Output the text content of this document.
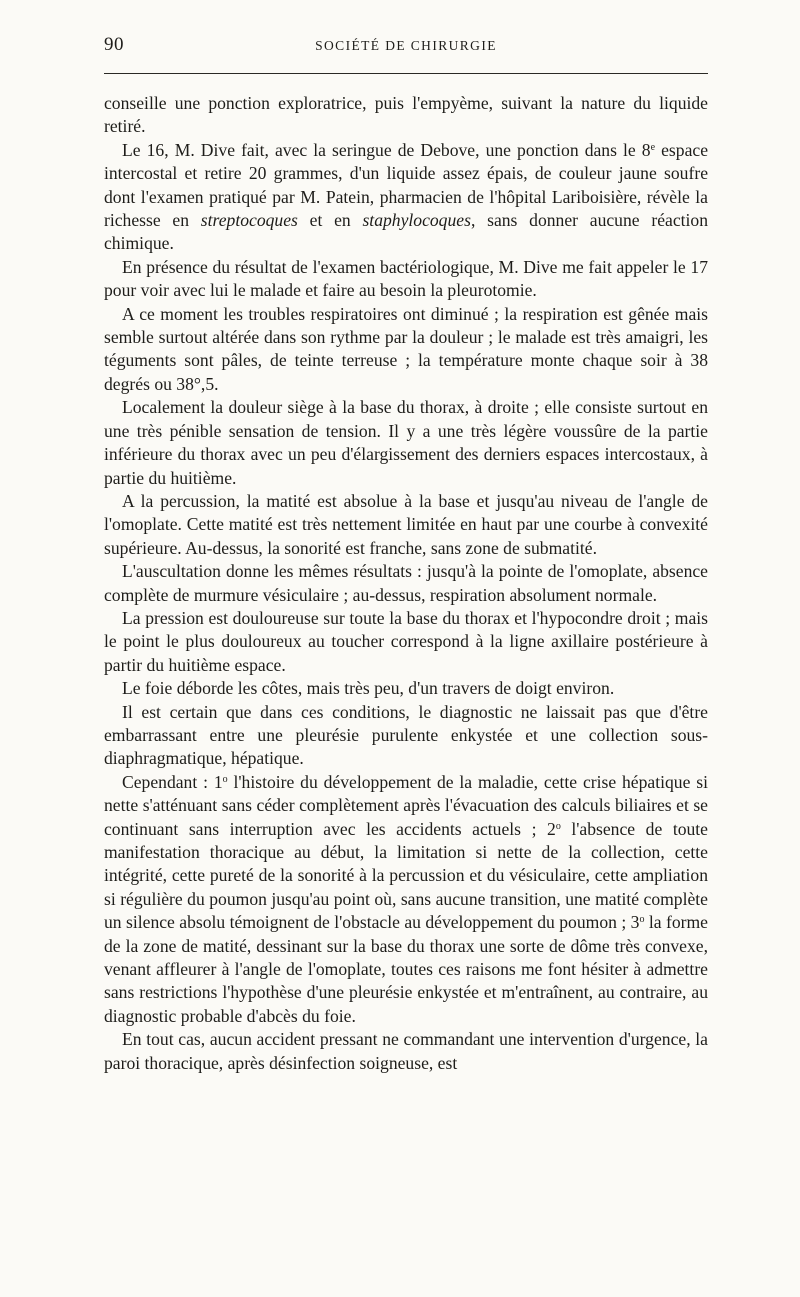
90	SOCIÉTÉ DE CHIRURGIE

conseille une ponction exploratrice, puis l'empyème, suivant la nature du liquide retiré.

Le 16, M. Dive fait, avec la seringue de Debove, une ponction dans le 8e espace intercostal et retire 20 grammes, d'un liquide assez épais, de couleur jaune soufre dont l'examen pratiqué par M. Patein, pharmacien de l'hôpital Lariboisière, révèle la richesse en streptocoques et en staphylocoques, sans donner aucune réaction chimique.

En présence du résultat de l'examen bactériologique, M. Dive me fait appeler le 17 pour voir avec lui le malade et faire au besoin la pleurotomie.

A ce moment les troubles respiratoires ont diminué ; la respiration est gênée mais semble surtout altérée dans son rythme par la douleur ; le malade est très amaigri, les téguments sont pâles, de teinte terreuse ; la température monte chaque soir à 38 degrés ou 38°,5.

Localement la douleur siège à la base du thorax, à droite ; elle consiste surtout en une très pénible sensation de tension. Il y a une très légère voussûre de la partie inférieure du thorax avec un peu d'élargissement des derniers espaces intercostaux, à partie du huitième.

A la percussion, la matité est absolue à la base et jusqu'au niveau de l'angle de l'omoplate. Cette matité est très nettement limitée en haut par une courbe à convexité supérieure. Au-dessus, la sonorité est franche, sans zone de submatité.

L'auscultation donne les mêmes résultats : jusqu'à la pointe de l'omoplate, absence complète de murmure vésiculaire ; au-dessus, respiration absolument normale.

La pression est douloureuse sur toute la base du thorax et l'hypocondre droit ; mais le point le plus douloureux au toucher correspond à la ligne axillaire postérieure à partir du huitième espace.

Le foie déborde les côtes, mais très peu, d'un travers de doigt environ.

Il est certain que dans ces conditions, le diagnostic ne laissait pas que d'être embarrassant entre une pleurésie purulente enkystée et une collection sous-diaphragmatique, hépatique.

Cependant : 1$^o$ l'histoire du développement de la maladie, cette crise hépatique si nette s'atténuant sans céder complètement après l'évacuation des calculs biliaires et se continuant sans interruption avec les accidents actuels ; 2$^o$ l'absence de toute manifestation thoracique au début, la limitation si nette de la collection, cette intégrité, cette pureté de la sonorité à la percussion et du vésiculaire, cette ampliation si régulière du poumon jusqu'au point où, sans aucune transition, une matité complète un silence absolu témoignent de l'obstacle au développement du poumon ; 3$^o$ la forme de la zone de matité, dessinant sur la base du thorax une sorte de dôme très convexe, venant affleurer à l'angle de l'omoplate, toutes ces raisons me font hésiter à admettre sans restrictions l'hypothèse d'une pleurésie enkystée et m'entraînent, au contraire, au diagnostic probable d'abcès du foie.

En tout cas, aucun accident pressant ne commandant une intervention d'urgence, la paroi thoracique, après désinfection soigneuse, est
